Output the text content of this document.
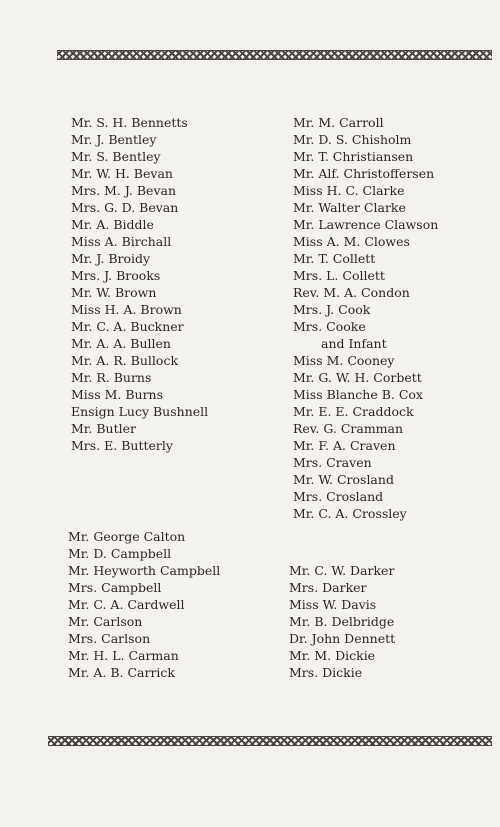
Mr. S. H. Bennetts
Mr. J. Bentley
Mr. S. Bentley
Mr. W. H. Bevan
Mrs. M. J. Bevan
Mrs. G. D. Bevan
Mr. A. Biddle
Miss A. Birchall
Mr. J. Broidy
Mrs. J. Brooks
Mr. W. Brown
Miss H. A. Brown
Mr. C. A. Buckner
Mr. A. A. Bullen
Mr. A. R. Bullock
Mr. R. Burns
Miss M. Burns
Ensign Lucy Bushnell
Mr. Butler
Mrs. E. Butterly
Mr. M. Carroll
Mr. D. S. Chisholm
Mr. T. Christiansen
Mr. Alf. Christoffersen
Miss H. C. Clarke
Mr. Walter Clarke
Mr. Lawrence Clawson
Miss A. M. Clowes
Mr. T. Collett
Mrs. L. Collett
Rev. M. A. Condon
Mrs. J. Cook
Mrs. Cooke
and Infant
Miss M. Cooney
Mr. G. W. H. Corbett
Miss Blanche B. Cox
Mr. E. E. Craddock
Rev. G. Cramman
Mr. F. A. Craven
Mrs. Craven
Mr. W. Crosland
Mrs. Crosland
Mr. C. A. Crossley
Mr. George Calton
Mr. D. Campbell
Mr. Heyworth Campbell
Mrs. Campbell
Mr. C. A. Cardwell
Mr. Carlson
Mrs. Carlson
Mr. H. L. Carman
Mr. A. B. Carrick
Mr. C. W. Darker
Mrs. Darker
Miss W. Davis
Mr. B. Delbridge
Dr. John Dennett
Mr. M. Dickie
Mrs. Dickie
